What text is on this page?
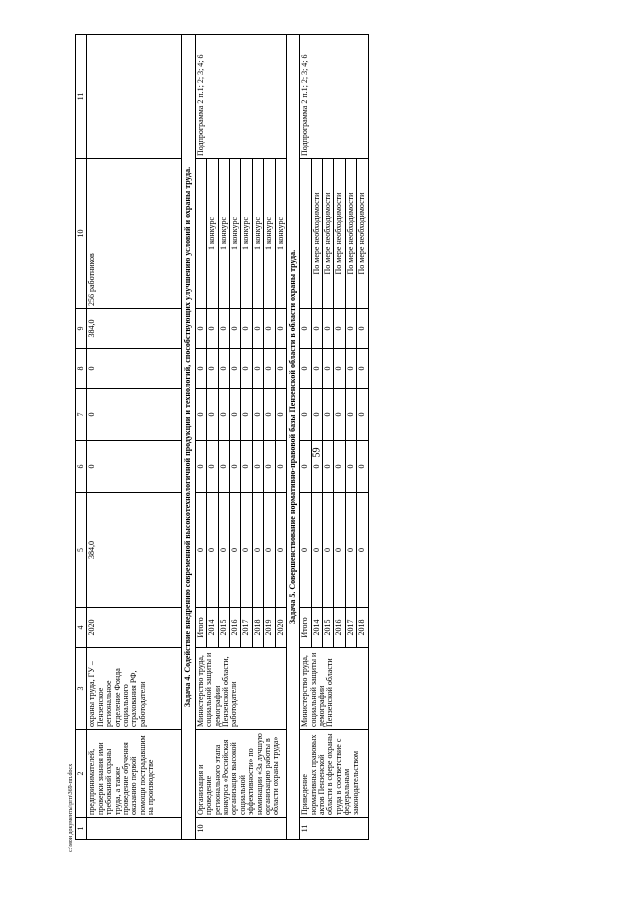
59
c:\мои документы\ргп\369-пп.docx 1	2	3	4	5	6	7	8	9	10	11
	предпринимателей, проверки знания ими требований охраны труда, а также проведение обучения оказанию первой помощи пострадавшим на производстве	охраны труда, ГУ – Пензенское региональное отделение Фонда социального страхования РФ, работодатели	2020	384,0	0	0	0	384,0	256 работников	
Задача 4. Содействие внедрению современной высокотехнологичной продукции и технологий, способствующих улучшению условий и охраны труда.										
10	Организация и проведение регионального этапа конкурса «Российская организация высокой социальной эффективности» по номинации «За лучшую организацию работы в области охраны труда»	Министерство труда, социальной защиты и демографии Пензенской области, работодатели	Итого	0	0	0	0	0		Подпрограмма 2 п.1; 2; 3; 4; 6
			2014	0	0	0	0	0	1 конкурс	
			2015	0	0	0	0	0	1 конкурс	
			2016	0	0	0	0	0	1 конкурс	
			2017	0	0	0	0	0	1 конкурс	
			2018	0	0	0	0	0	1 конкурс	
			2019	0	0	0	0	0	1 конкурс	
			2020	0	0	0	0	0	1 конкурс	
Задача 5. Совершенствование нормативно-правовой базы Пензенской области в области охраны труда.										
11	Приведение нормативных правовых актов Пензенской области в сфере охраны труда в соответствие с федеральным законодательством	Министерство труда, социальной защиты и демографии Пензенской области	Итого	0	0	0	0	0		Подпрограмма 2 п.1; 2; 3; 4; 6
			2014	0	0	0	0	0	По мере необходимости	
			2015	0	0	0	0	0	По мере необходимости	
			2016	0	0	0	0	0	По мере необходимости	
			2017	0	0	0	0	0	По мере необходимости	
			2018	0	0	0	0	0	По мере необходимости	
